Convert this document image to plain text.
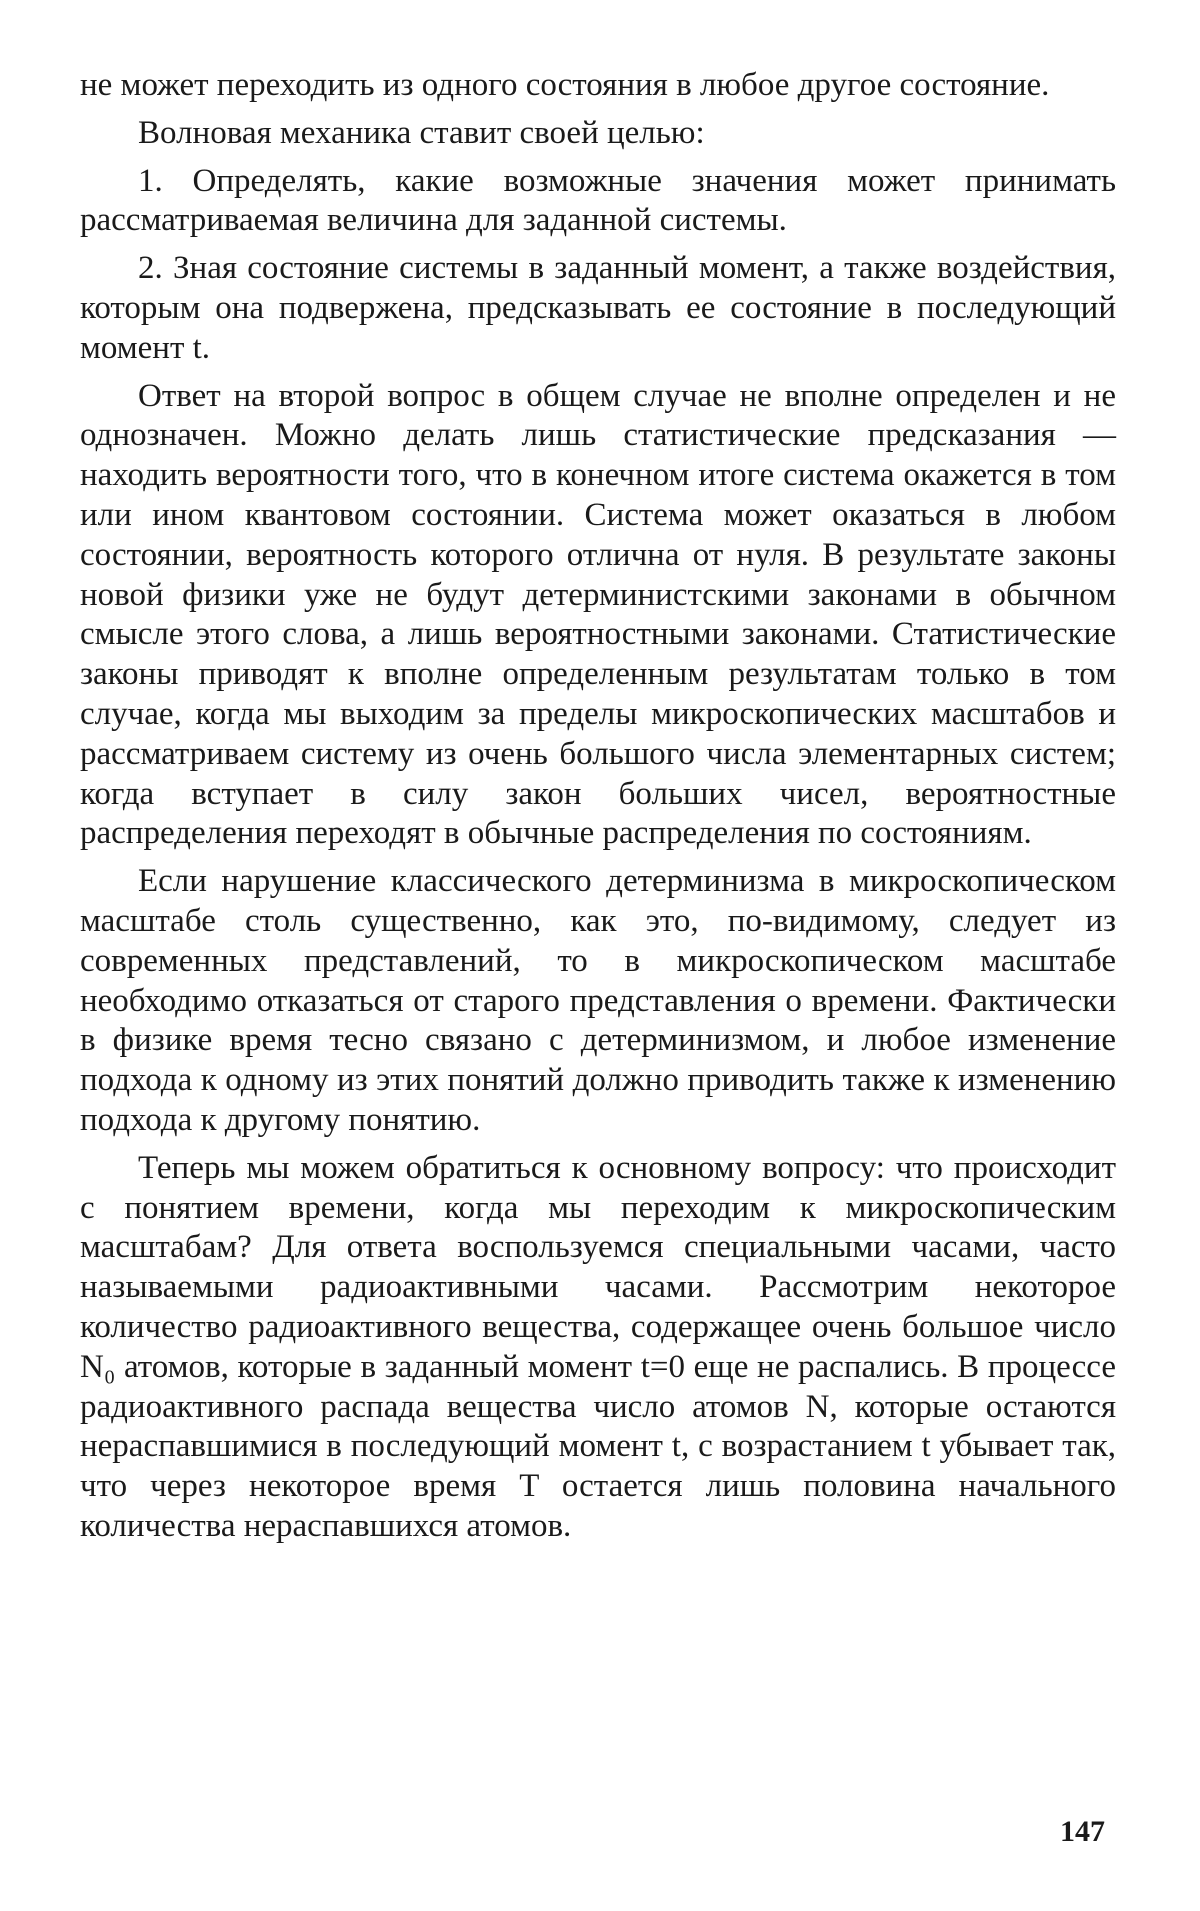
не может переходить из одного состояния в любое другое состояние.

Волновая механика ставит своей целью:

1. Определять, какие возможные значения может принимать рассматриваемая величина для заданной системы.

2. Зная состояние системы в заданный момент, а также воздействия, которым она подвержена, предсказывать ее состояние в последующий момент t.

Ответ на второй вопрос в общем случае не вполне определен и не однозначен. Можно делать лишь статистические предсказания — находить вероятности того, что в конечном итоге система окажется в том или ином квантовом состоянии. Система может оказаться в любом состоянии, вероятность которого отлична от нуля. В результате законы новой физики уже не будут детерминистскими законами в обычном смысле этого слова, а лишь вероятностными законами. Статистические законы приводят к вполне определенным результатам только в том случае, когда мы выходим за пределы микроскопических масштабов и рассматриваем систему из очень большого числа элементарных систем; когда вступает в силу закон больших чисел, вероятностные распределения переходят в обычные распределения по состояниям.

Если нарушение классического детерминизма в микроскопическом масштабе столь существенно, как это, по-видимому, следует из современных представлений, то в микроскопическом масштабе необходимо отказаться от старого представления о времени. Фактически в физике время тесно связано с детерминизмом, и любое изменение подхода к одному из этих понятий должно приводить также к изменению подхода к другому понятию.

Теперь мы можем обратиться к основному вопросу: что происходит с понятием времени, когда мы переходим к микроскопическим масштабам? Для ответа воспользуемся специальными часами, часто называемыми радиоактивными часами. Рассмотрим некоторое количество радиоактивного вещества, содержащее очень большое число N₀ атомов, которые в заданный момент t=0 еще не распались. В процессе радиоактивного распада вещества число атомов N, которые остаются нераспавшимися в последующий момент t, с возрастанием t убывает так, что через некоторое время T остается лишь половина начального количества нераспавшихся атомов.

147
